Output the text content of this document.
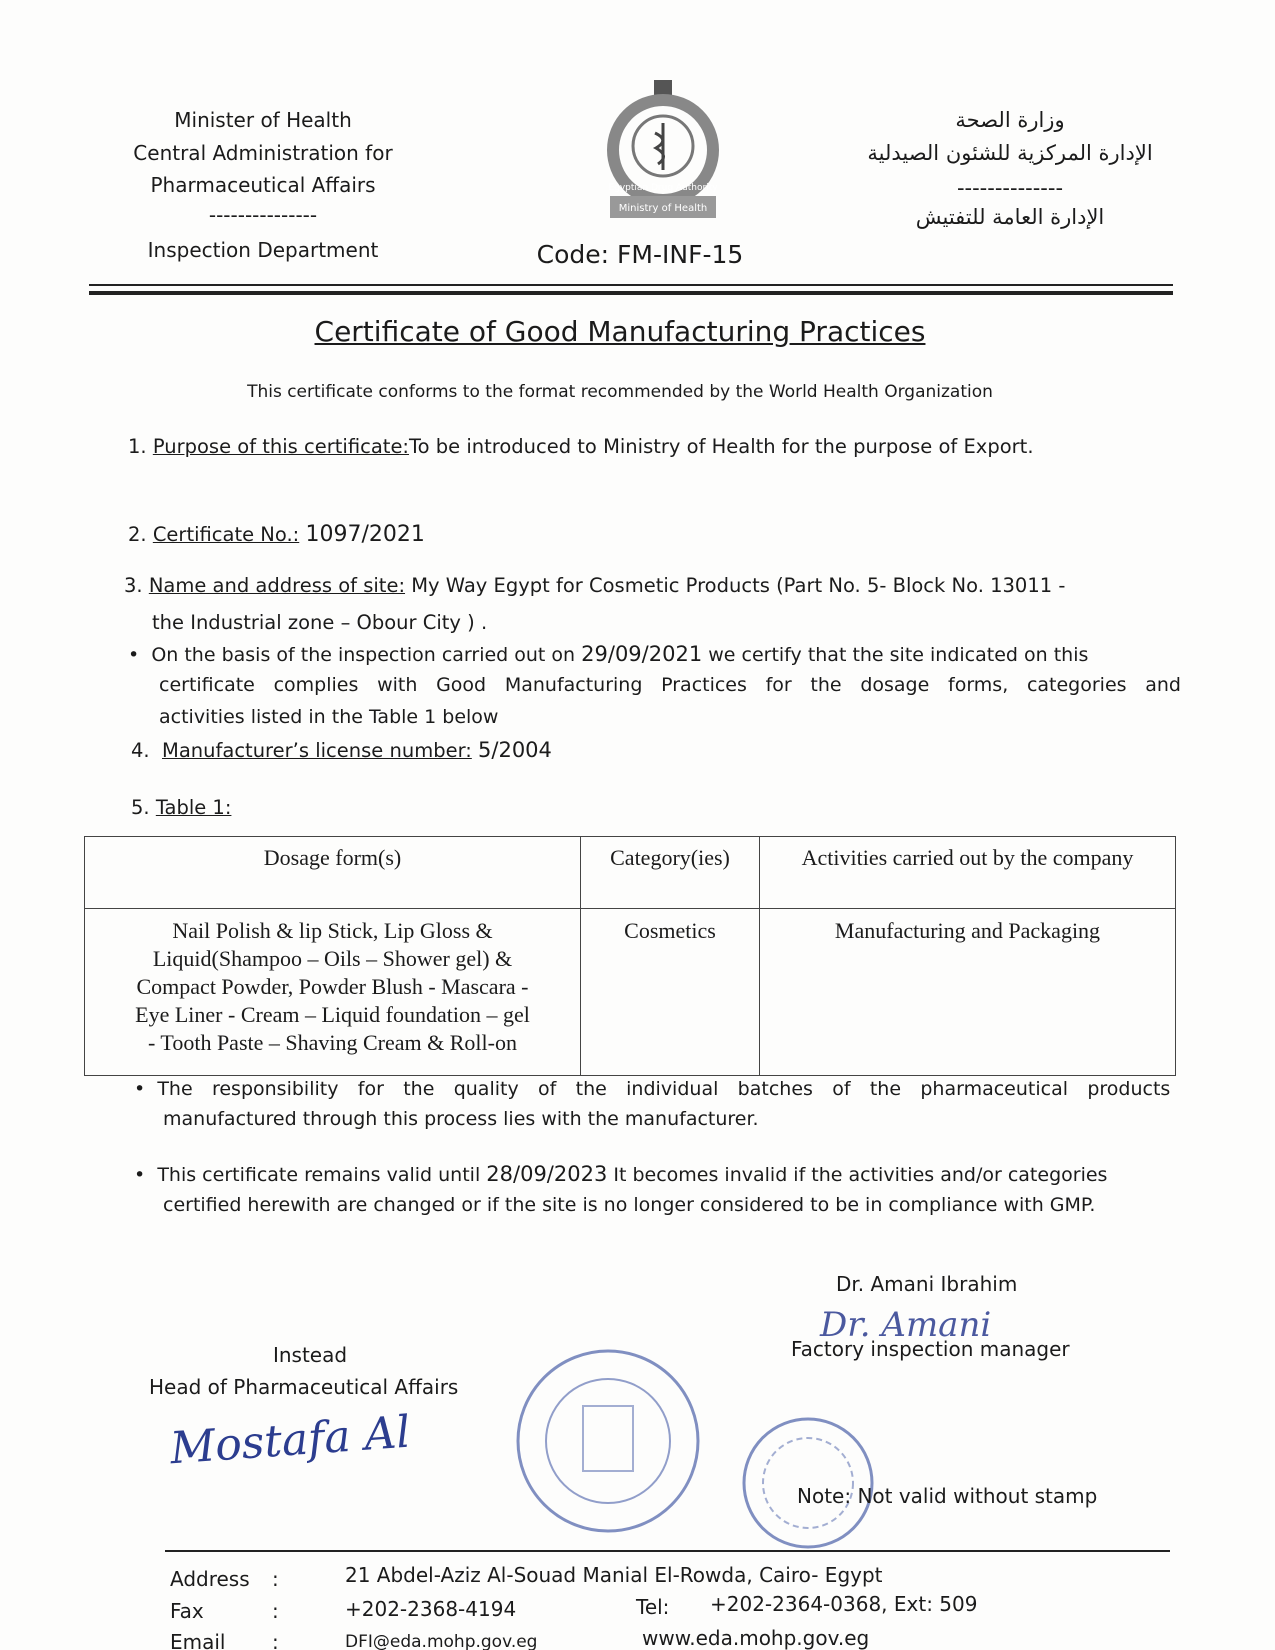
Minister of Health
Central Administration for
Pharmaceutical Affairs
---------------
Inspection Department
Ministry of Health
Egyptian Drug Authority
Code: FM-INF-15
وزارة الصحة
الإدارة المركزية للشئون الصيدلية
--------------
الإدارة العامة للتفتيش
Certificate of Good Manufacturing Practices
This certificate conforms to the format recommended by the World Health Organization
1. Purpose of this certificate:To be introduced to Ministry of Health for the purpose of Export.
2. Certificate No.: 1097/2021
3. Name and address of site: My Way Egypt for Cosmetic Products (Part No. 5- Block No. 13011 -
the Industrial zone – Obour City ) .
• On the basis of the inspection carried out on 29/09/2021 we certify that the site indicated on this
certificate complies with Good Manufacturing Practices for the dosage forms, categories and
activities listed in the Table 1 below
4. Manufacturer’s license number: 5/2004
5. Table 1:
Dosage form(s)	Category(ies)	Activities carried out by the company

Nail Polish & lip Stick, Lip Gloss &
Liquid(Shampoo – Oils – Shower gel) &
Compact Powder, Powder Blush - Mascara -
Eye Liner - Cream – Liquid foundation – gel
- Tooth Paste – Shaving Cream & Roll-on	Cosmetics	Manufacturing and Packaging
• The responsibility for the quality of the individual batches of the pharmaceutical products
manufactured through this process lies with the manufacturer.
• This certificate remains valid until 28/09/2023 It becomes invalid if the activities and/or categories
certified herewith are changed or if the site is no longer considered to be in compliance with GMP.
Dr. Amani Ibrahim
Dr. Amani
Factory inspection manager
Instead
Head of Pharmaceutical Affairs
Mostafa Al
Note: Not valid without stamp
Address :	21 Abdel-Aziz Al-Souad Manial El-Rowda, Cairo- Egypt
Fax	:	+202-2368-4194	Tel: +202-2364-0368, Ext: 509
Email :	DFI@eda.mohp.gov.eg	www.eda.mohp.gov.eg
